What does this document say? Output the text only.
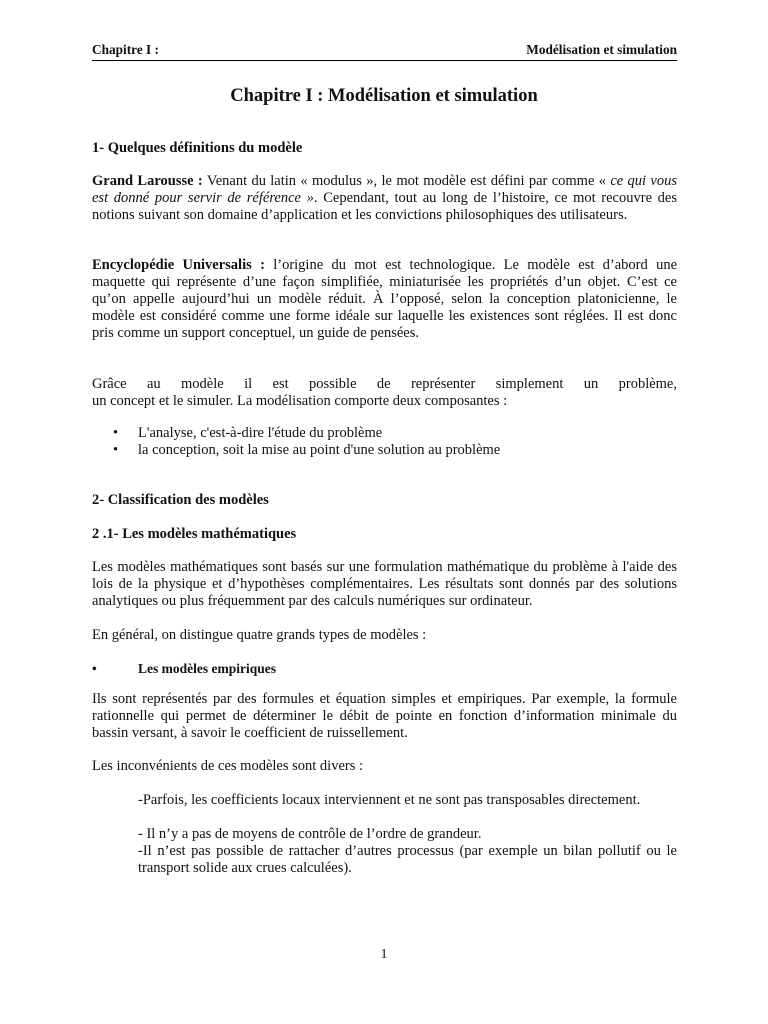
Chapitre I :	Modélisation et simulation
Chapitre I : Modélisation et simulation
1- Quelques définitions du modèle
Grand Larousse : Venant du latin « modulus », le mot modèle est défini par comme « ce qui vous est donné pour servir de référence ». Cependant, tout au long de l’histoire, ce mot recouvre des notions suivant son domaine d’application et les convictions philosophiques des utilisateurs.
Encyclopédie Universalis : l’origine du mot est technologique. Le modèle est d’abord une maquette qui représente d’une façon simplifiée, miniaturisée les propriétés d’un objet. C’est ce qu’on appelle aujourd’hui un modèle réduit. À l’opposé, selon la conception platonicienne, le modèle est considéré comme une forme idéale sur laquelle les existences sont réglées. Il est donc pris comme un support conceptuel, un guide de pensées.
Grâce au modèle il est possible de représenter simplement un problème,
un concept et le simuler. La modélisation comporte deux composantes :
• L'analyse, c'est-à-dire l'étude du problème
• la conception, soit la mise au point d'une solution au problème
2- Classification des modèles
2 .1- Les modèles mathématiques
Les modèles mathématiques sont basés sur une formulation mathématique du problème à l'aide des lois de la physique et d’hypothèses complémentaires. Les résultats sont donnés par des solutions analytiques ou plus fréquemment par des calculs numériques sur ordinateur.
En général, on distingue quatre grands types de modèles :
•	Les modèles empiriques
Ils sont représentés par des formules et équation simples et empiriques. Par exemple, la formule rationnelle qui permet de déterminer le débit de pointe en fonction d’information minimale du bassin versant, à savoir le coefficient de ruissellement.
Les inconvénients de ces modèles sont divers :
-Parfois, les coefficients locaux interviennent et ne sont pas transposables directement.
- Il n’y a pas de moyens de contrôle de l’ordre de grandeur.
-Il n’est pas possible de rattacher d’autres processus (par exemple un bilan pollutif ou le transport solide aux crues calculées).
1
